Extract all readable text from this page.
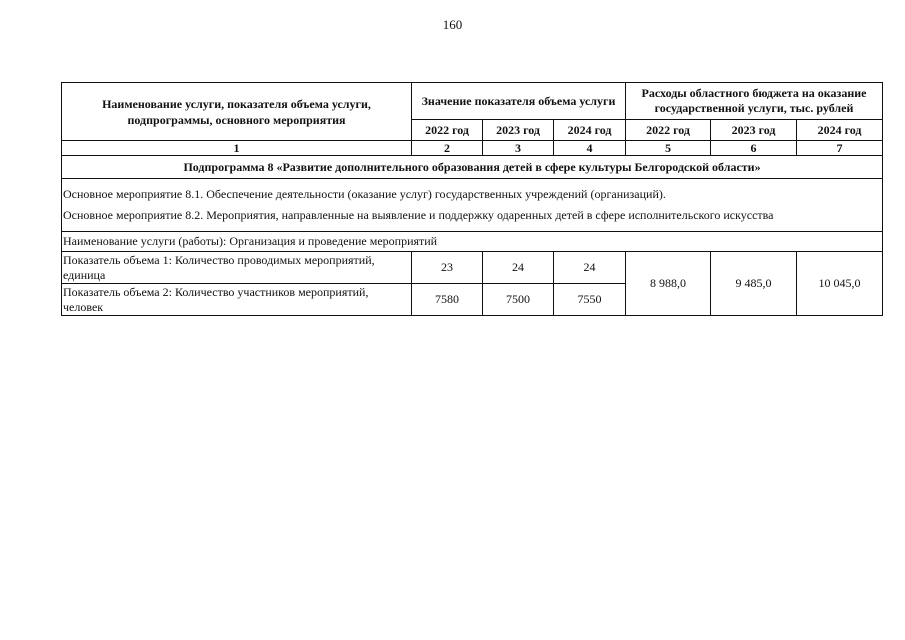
160
Наименование услуги, показателя объема услуги, подпрограммы, основного мероприятия	Значение показателя объема услуги			Расходы областного бюджета на оказание государственной услуги, тыс. рублей		
	2022 год	2023 год	2024 год	2022 год	2023 год	2024 год
1	2	3	4	5	6	7
Подпрограмма 8 «Развитие дополнительного образования детей в сфере культуры Белгородской области»						

Основное мероприятие 8.1. Обеспечение деятельности (оказание услуг) государственных учреждений (организаций).
Основное мероприятие 8.2. Мероприятия, направленные на выявление и поддержку одаренных детей в сфере исполнительского искусства						

Наименование услуги (работы): Организация и проведение мероприятий						
Показатель объема 1: Количество проводимых мероприятий, единица	23	24	24	8 988,0	9 485,0	10 045,0
Показатель объема 2: Количество участников мероприятий, человек	7580	7500	7550			
